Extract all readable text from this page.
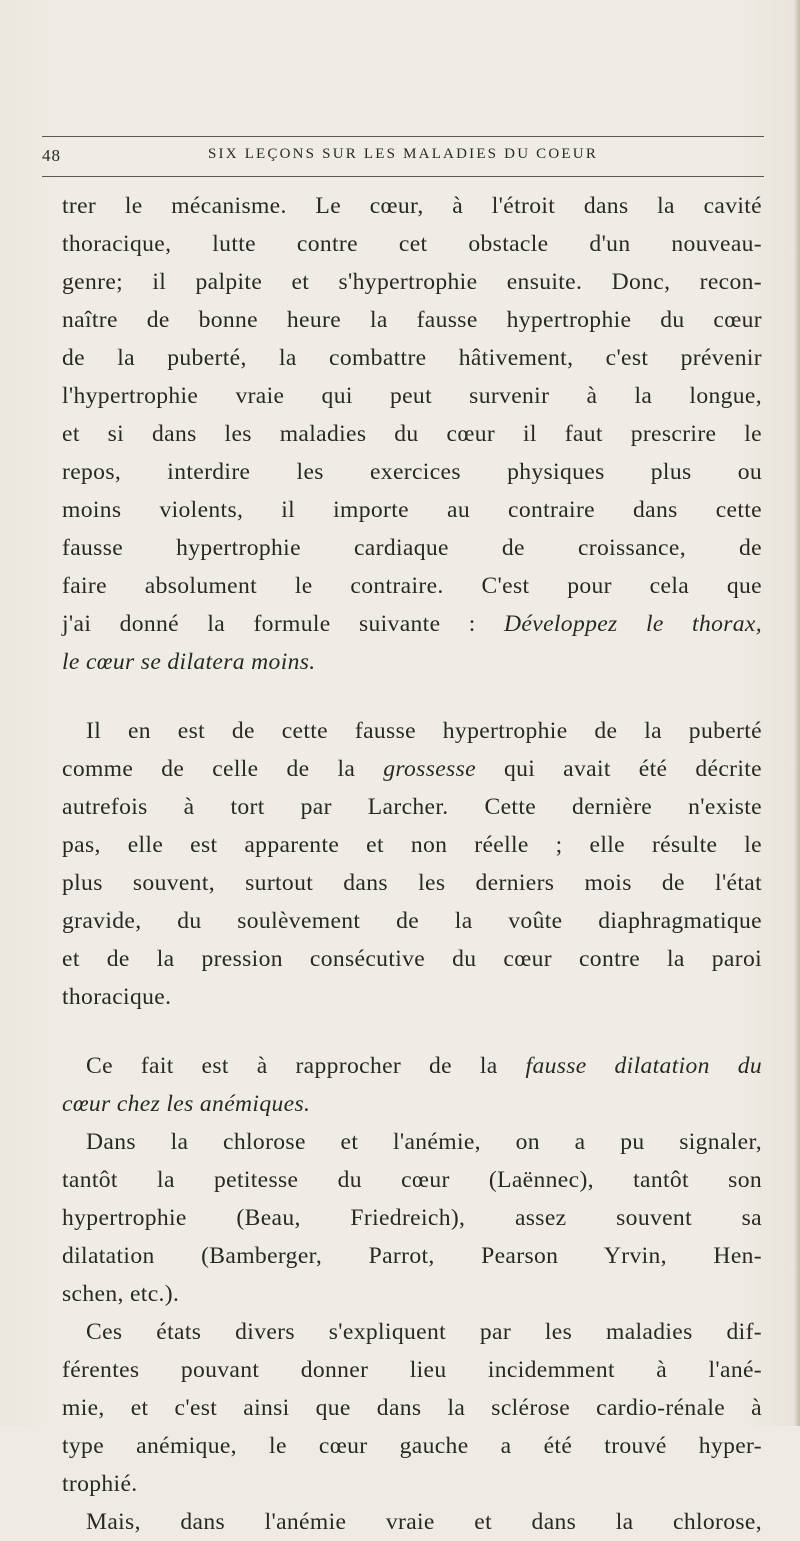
48	SIX LEÇONS SUR LES MALADIES DU COEUR
trer le mécanisme. Le cœur, à l'étroit dans la cavité
thoracique, lutte contre cet obstacle d'un nouveau-
genre; il palpite et s'hypertrophie ensuite. Donc, recon-
naître de bonne heure la fausse hypertrophie du cœur
de la puberté, la combattre hâtivement, c'est prévenir
l'hypertrophie vraie qui peut survenir à la longue,
et si dans les maladies du cœur il faut prescrire le
repos, interdire les exercices physiques plus ou
moins violents, il importe au contraire dans cette
fausse hypertrophie cardiaque de croissance, de
faire absolument le contraire. C'est pour cela que
j'ai donné la formule suivante : Développez le thorax,
le cœur se dilatera moins.
Il en est de cette fausse hypertrophie de la puberté
comme de celle de la grossesse qui avait été décrite
autrefois à tort par Larcher. Cette dernière n'existe
pas, elle est apparente et non réelle ; elle résulte le
plus souvent, surtout dans les derniers mois de l'état
gravide, du soulèvement de la voûte diaphragmatique
et de la pression consécutive du cœur contre la paroi
thoracique.
Ce fait est à rapprocher de la fausse dilatation du
cœur chez les anémiques.
Dans la chlorose et l'anémie, on a pu signaler,
tantôt la petitesse du cœur (Laënnec), tantôt son
hypertrophie (Beau, Friedreich), assez souvent sa
dilatation (Bamberger, Parrot, Pearson Yrvin, Hen-
schen, etc.).
Ces états divers s'expliquent par les maladies dif-
férentes pouvant donner lieu incidemment à l'ané-
mie, et c'est ainsi que dans la sclérose cardio-rénale à
type anémique, le cœur gauche a été trouvé hyper-
trophié.
Mais, dans l'anémie vraie et dans la chlorose,
